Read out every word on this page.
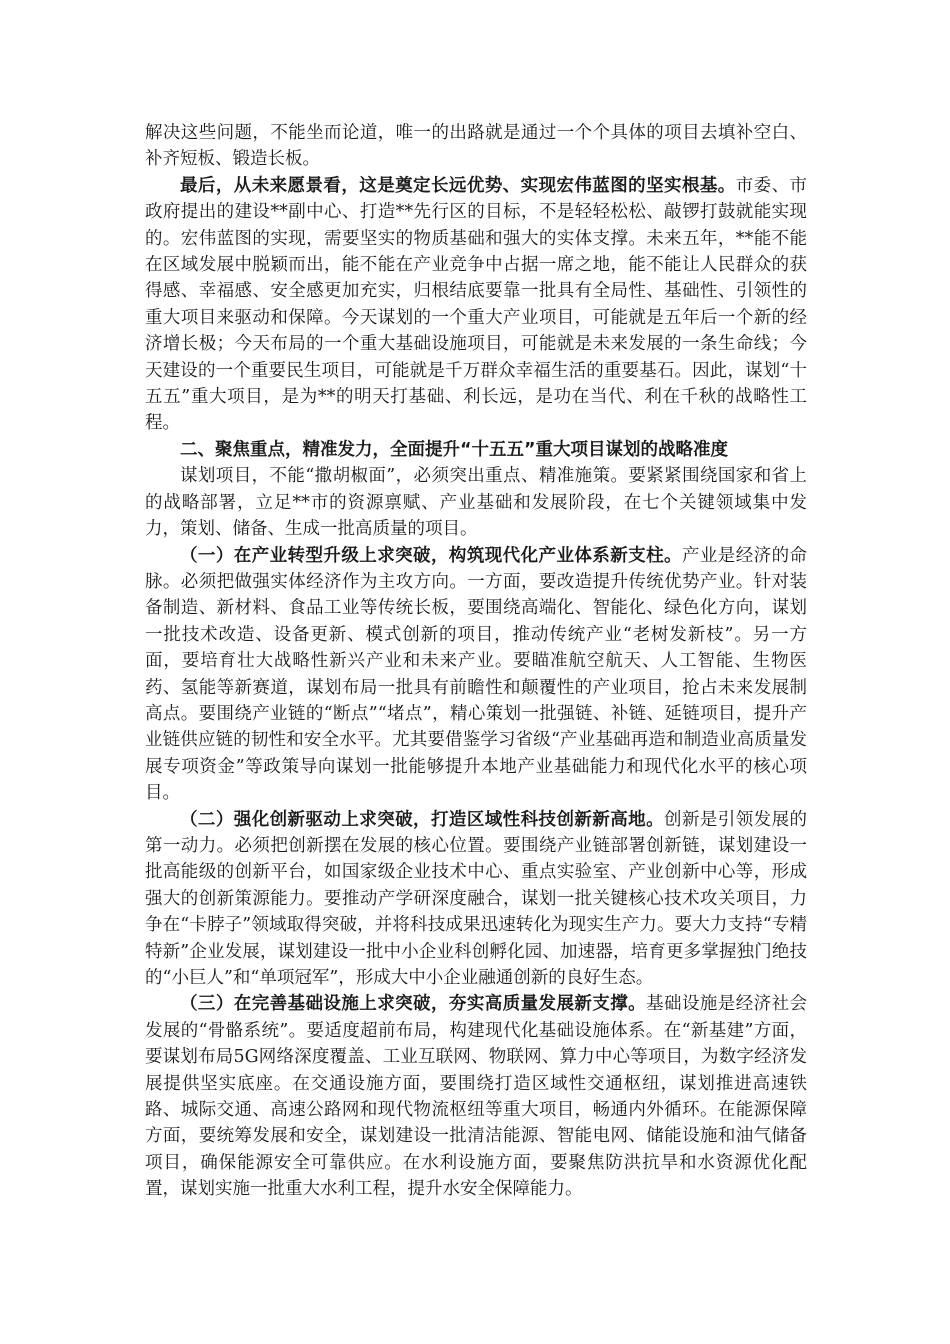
解决这些问题，不能坐而论道，唯一的出路就是通过一个个具体的项目去填补空白、补齐短板、锻造长板。

最后，从未来愿景看，这是奠定长远优势、实现宏伟蓝图的坚实根基。市委、市政府提出的建设**副中心、打造**先行区的目标，不是轻轻松松、敲锣打鼓就能实现的。宏伟蓝图的实现，需要坚实的物质基础和强大的实体支撑。未来五年，**能不能在区域发展中脱颖而出，能不能在产业竞争中占据一席之地，能不能让人民群众的获得感、幸福感、安全感更加充实，归根结底要靠一批具有全局性、基础性、引领性的重大项目来驱动和保障。今天谋划的一个重大产业项目，可能就是五年后一个新的经济增长极；今天布局的一个重大基础设施项目，可能就是未来发展的一条生命线；今天建设的一个重要民生项目，可能就是千万群众幸福生活的重要基石。因此，谋划“十五五”重大项目，是为**的明天打基础、利长远，是功在当代、利在千秋的战略性工程。

二、聚焦重点，精准发力，全面提升“十五五”重大项目谋划的战略准度

谋划项目，不能“撒胡椒面”，必须突出重点、精准施策。要紧紧围绕国家和省上的战略部署，立足**市的资源禀赋、产业基础和发展阶段，在七个关键领域集中发力，策划、储备、生成一批高质量的项目。

（一）在产业转型升级上求突破，构筑现代化产业体系新支柱。产业是经济的命脉。必须把做强实体经济作为主攻方向。一方面，要改造提升传统优势产业。针对装备制造、新材料、食品工业等传统长板，要围绕高端化、智能化、绿色化方向，谋划一批技术改造、设备更新、模式创新的项目，推动传统产业“老树发新枝”。另一方面，要培育壮大战略性新兴产业和未来产业。要瞄准航空航天、人工智能、生物医药、氢能等新赛道，谋划布局一批具有前瞻性和颠覆性的产业项目，抢占未来发展制高点。要围绕产业链的“断点”“堵点”，精心策划一批强链、补链、延链项目，提升产业链供应链的韧性和安全水平。尤其要借鉴学习省级“产业基础再造和制造业高质量发展专项资金”等政策导向谋划一批能够提升本地产业基础能力和现代化水平的核心项目。

（二）强化创新驱动上求突破，打造区域性科技创新新高地。创新是引领发展的第一动力。必须把创新摆在发展的核心位置。要围绕产业链部署创新链，谋划建设一批高能级的创新平台，如国家级企业技术中心、重点实验室、产业创新中心等，形成强大的创新策源能力。要推动产学研深度融合，谋划一批关键核心技术攻关项目，力争在“卡脖子”领域取得突破，并将科技成果迅速转化为现实生产力。要大力支持“专精特新”企业发展，谋划建设一批中小企业科创孵化园、加速器，培育更多掌握独门绝技的“小巨人”和“单项冠军”，形成大中小企业融通创新的良好生态。

（三）在完善基础设施上求突破，夯实高质量发展新支撑。基础设施是经济社会发展的“骨骼系统”。要适度超前布局，构建现代化基础设施体系。在“新基建”方面，要谋划布局5G网络深度覆盖、工业互联网、物联网、算力中心等项目，为数字经济发展提供坚实底座。在交通设施方面，要围绕打造区域性交通枢纽，谋划推进高速铁路、城际交通、高速公路网和现代物流枢纽等重大项目，畅通内外循环。在能源保障方面，要统筹发展和安全，谋划建设一批清洁能源、智能电网、储能设施和油气储备项目，确保能源安全可靠供应。在水利设施方面，要聚焦防洪抗旱和水资源优化配置，谋划实施一批重大水利工程，提升水安全保障能力。
